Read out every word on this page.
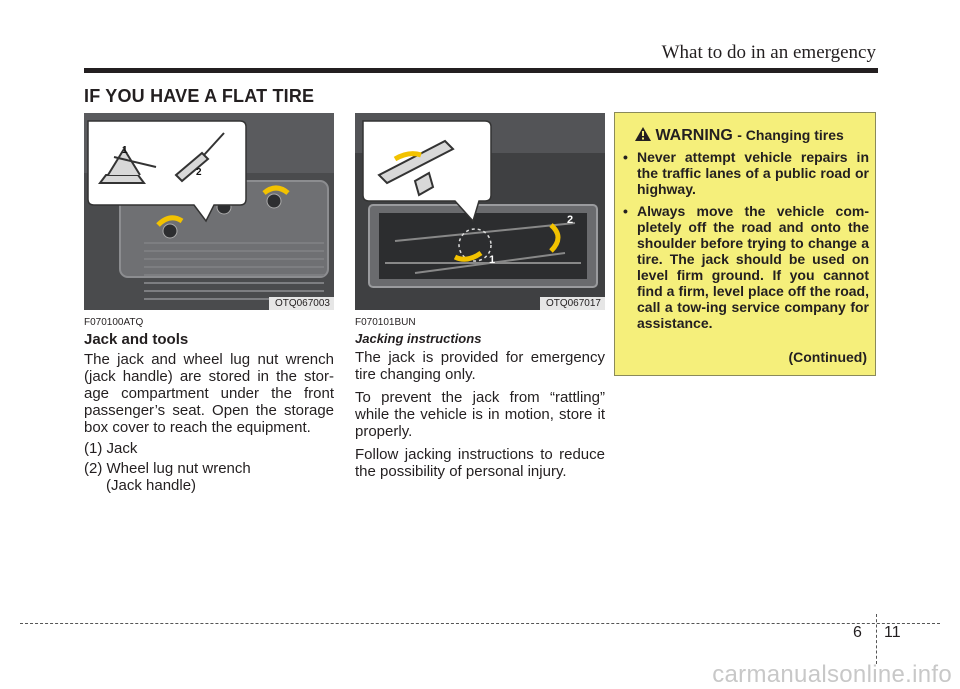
What to do in an emergency
IF YOU HAVE A FLAT TIRE
1
2
OTQ067003
1
2
OTQ067017
F070100ATQ
Jack and tools

The jack and wheel lug nut wrench (jack handle) are stored in the stor-age compartment under the front passenger’s seat. Open the storage box cover to reach the equipment.

(1) Jack

(2) Wheel lug nut wrench

(Jack handle)

F070101BUN
Jacking instructions

The jack is provided for emergency tire changing only.

To prevent the jack from “rattling” while the vehicle is in motion, store it properly.

Follow jacking instructions to reduce the possibility of personal injury.

WARNING - Changing tires
• Never attempt vehicle repairs in the traffic lanes of a public road or highway.
• Always move the vehicle com-pletely off the road and onto the shoulder before trying to change a tire. The jack should be used on level firm ground. If you cannot find a firm, level place off the road, call a tow-ing service company for assistance.
(Continued)
6 11
carmanualsonline.info
